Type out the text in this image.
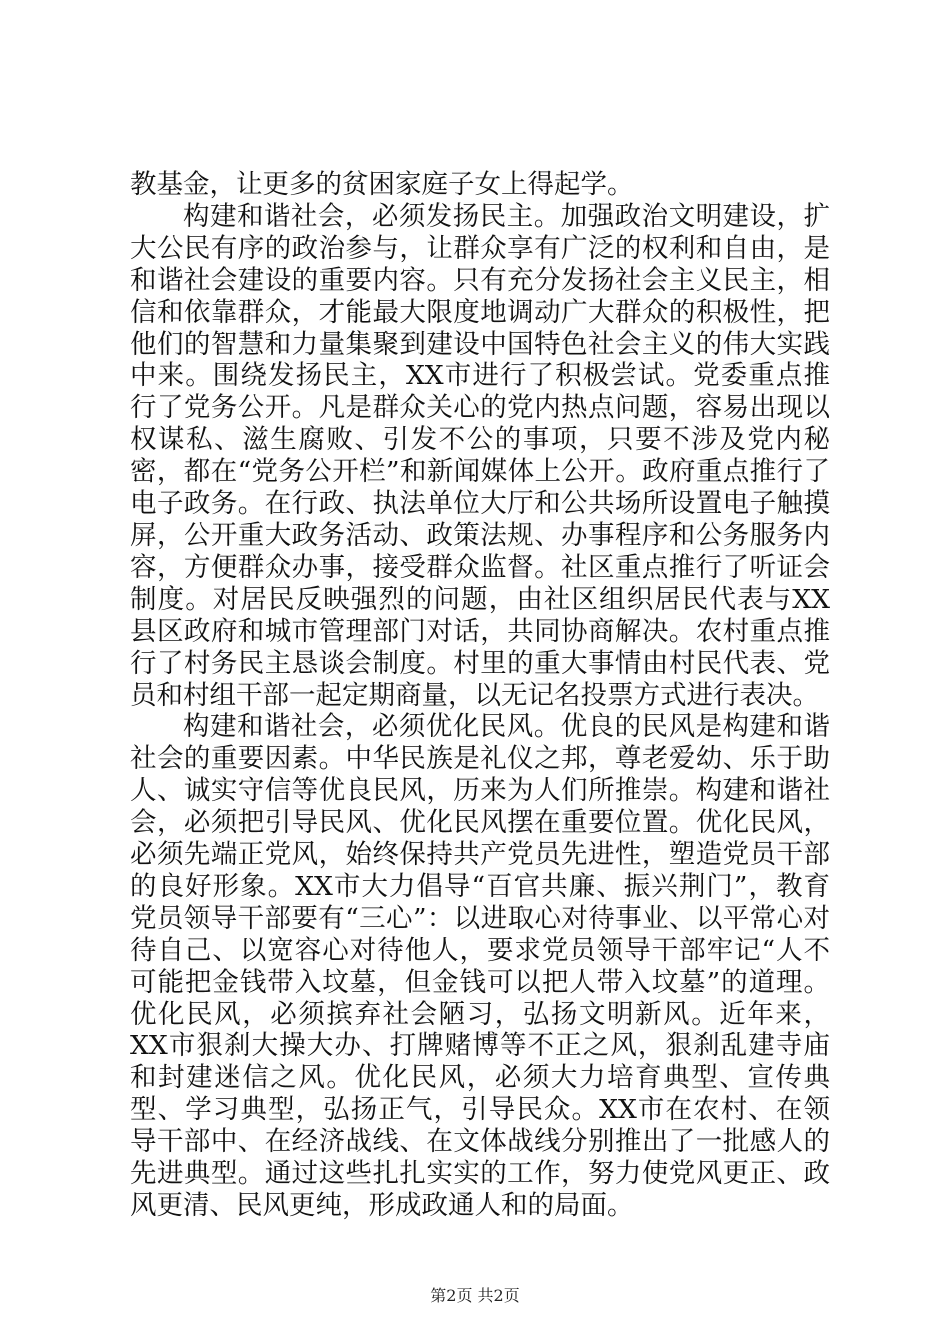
教基金，让更多的贫困家庭子女上得起学。

构建和谐社会，必须发扬民主。加强政治文明建设，扩大公民有序的政治参与，让群众享有广泛的权利和自由，是和谐社会建设的重要内容。只有充分发扬社会主义民主，相信和依靠群众，才能最大限度地调动广大群众的积极性，把他们的智慧和力量集聚到建设中国特色社会主义的伟大实践中来。围绕发扬民主，XX市进行了积极尝试。党委重点推行了党务公开。凡是群众关心的党内热点问题，容易出现以权谋私、滋生腐败、引发不公的事项，只要不涉及党内秘密，都在“党务公开栏”和新闻媒体上公开。政府重点推行了电子政务。在行政、执法单位大厅和公共场所设置电子触摸屏，公开重大政务活动、政策法规、办事程序和公务服务内容，方便群众办事，接受群众监督。社区重点推行了听证会制度。对居民反映强烈的问题，由社区组织居民代表与XX县区政府和城市管理部门对话，共同协商解决。农村重点推行了村务民主恳谈会制度。村里的重大事情由村民代表、党员和村组干部一起定期商量，以无记名投票方式进行表决。

构建和谐社会，必须优化民风。优良的民风是构建和谐社会的重要因素。中华民族是礼仪之邦，尊老爱幼、乐于助人、诚实守信等优良民风，历来为人们所推崇。构建和谐社会，必须把引导民风、优化民风摆在重要位置。优化民风，必须先端正党风，始终保持共产党员先进性，塑造党员干部的良好形象。XX市大力倡导“百官共廉、振兴荆门”，教育党员领导干部要有“三心”：以进取心对待事业、以平常心对待自己、以宽容心对待他人，要求党员领导干部牢记“人不可能把金钱带入坟墓，但金钱可以把人带入坟墓”的道理。优化民风，必须摈弃社会陋习，弘扬文明新风。近年来，XX市狠刹大操大办、打牌赌博等不正之风，狠刹乱建寺庙和封建迷信之风。优化民风，必须大力培育典型、宣传典型、学习典型，弘扬正气，引导民众。XX市在农村、在领导干部中、在经济战线、在文体战线分别推出了一批感人的先进典型。通过这些扎扎实实的工作，努力使党风更正、政风更清、民风更纯，形成政通人和的局面。

第2页 共2页
